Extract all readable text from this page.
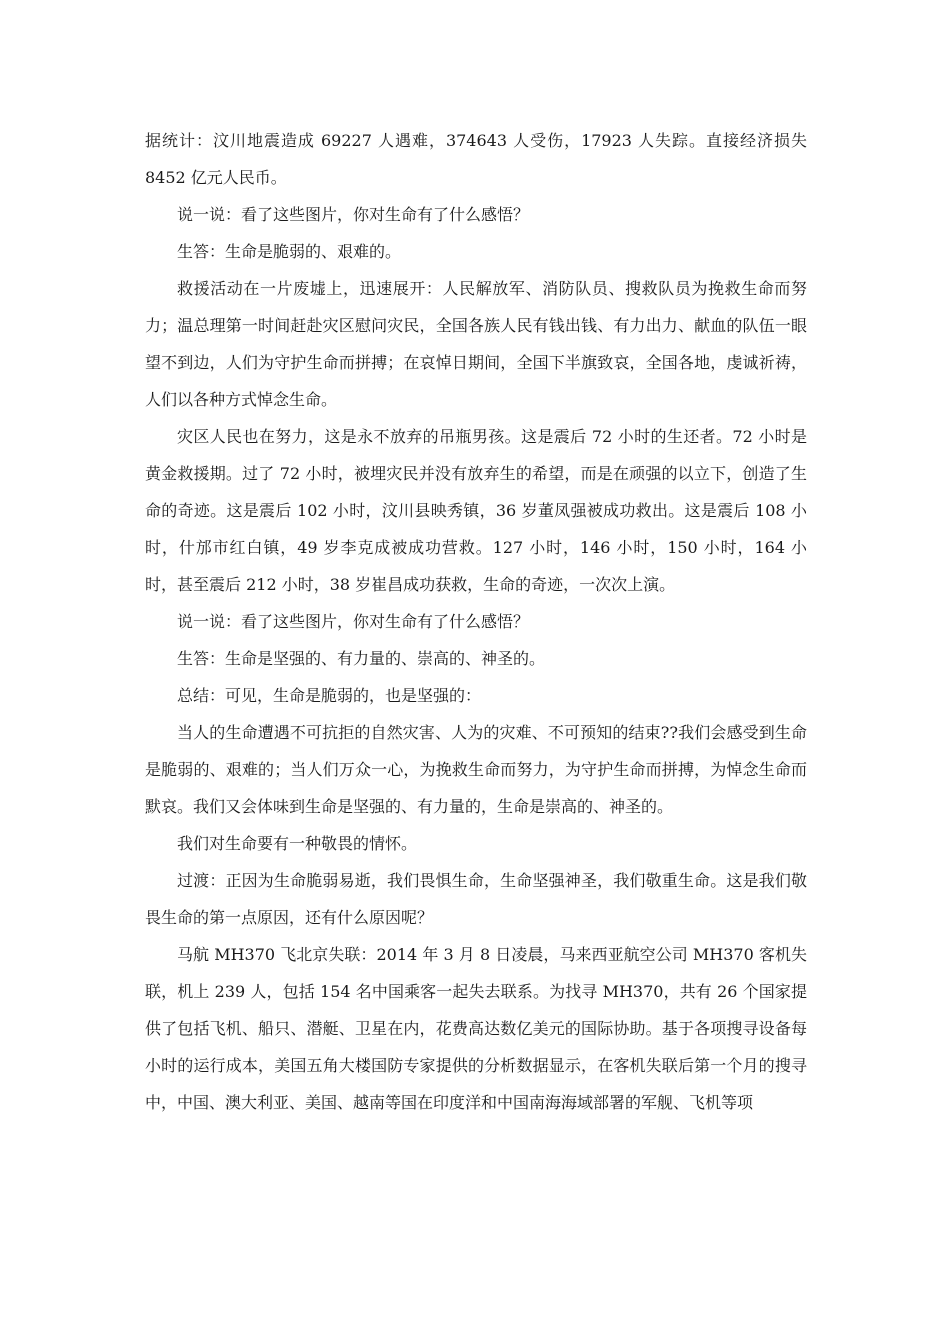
据统计：汶川地震造成 69227 人遇难，374643 人受伤，17923 人失踪。直接经济损失 8452 亿元人民币。

说一说：看了这些图片，你对生命有了什么感悟？

生答：生命是脆弱的、艰难的。

救援活动在一片废墟上，迅速展开：人民解放军、消防队员、搜救队员为挽救生命而努力；温总理第一时间赶赴灾区慰问灾民，全国各族人民有钱出钱、有力出力、献血的队伍一眼望不到边，人们为守护生命而拼搏；在哀悼日期间，全国下半旗致哀，全国各地，虔诚祈祷，人们以各种方式悼念生命。

灾区人民也在努力，这是永不放弃的吊瓶男孩。这是震后 72 小时的生还者。72 小时是黄金救援期。过了 72 小时，被埋灾民并没有放弃生的希望，而是在顽强的以立下，创造了生命的奇迹。这是震后 102 小时，汶川县映秀镇，36 岁董凤强被成功救出。这是震后 108 小时，什邡市红白镇，49 岁李克成被成功营救。127 小时，146 小时，150 小时，164 小时，甚至震后 212 小时，38 岁崔昌成功获救，生命的奇迹，一次次上演。

说一说：看了这些图片，你对生命有了什么感悟？

生答：生命是坚强的、有力量的、崇高的、神圣的。

总结：可见，生命是脆弱的，也是坚强的：

当人的生命遭遇不可抗拒的自然灾害、人为的灾难、不可预知的结束??我们会感受到生命是脆弱的、艰难的；当人们万众一心，为挽救生命而努力，为守护生命而拼搏，为悼念生命而默哀。我们又会体味到生命是坚强的、有力量的，生命是崇高的、神圣的。

我们对生命要有一种敬畏的情怀。

过渡：正因为生命脆弱易逝，我们畏惧生命，生命坚强神圣，我们敬重生命。这是我们敬畏生命的第一点原因，还有什么原因呢？

马航 MH370 飞北京失联：2014 年 3 月 8 日凌晨，马来西亚航空公司 MH370 客机失联，机上 239 人，包括 154 名中国乘客一起失去联系。为找寻 MH370，共有 26 个国家提供了包括飞机、船只、潜艇、卫星在内，花费高达数亿美元的国际协助。基于各项搜寻设备每小时的运行成本，美国五角大楼国防专家提供的分析数据显示，在客机失联后第一个月的搜寻中，中国、澳大利亚、美国、越南等国在印度洋和中国南海海域部署的军舰、飞机等项
